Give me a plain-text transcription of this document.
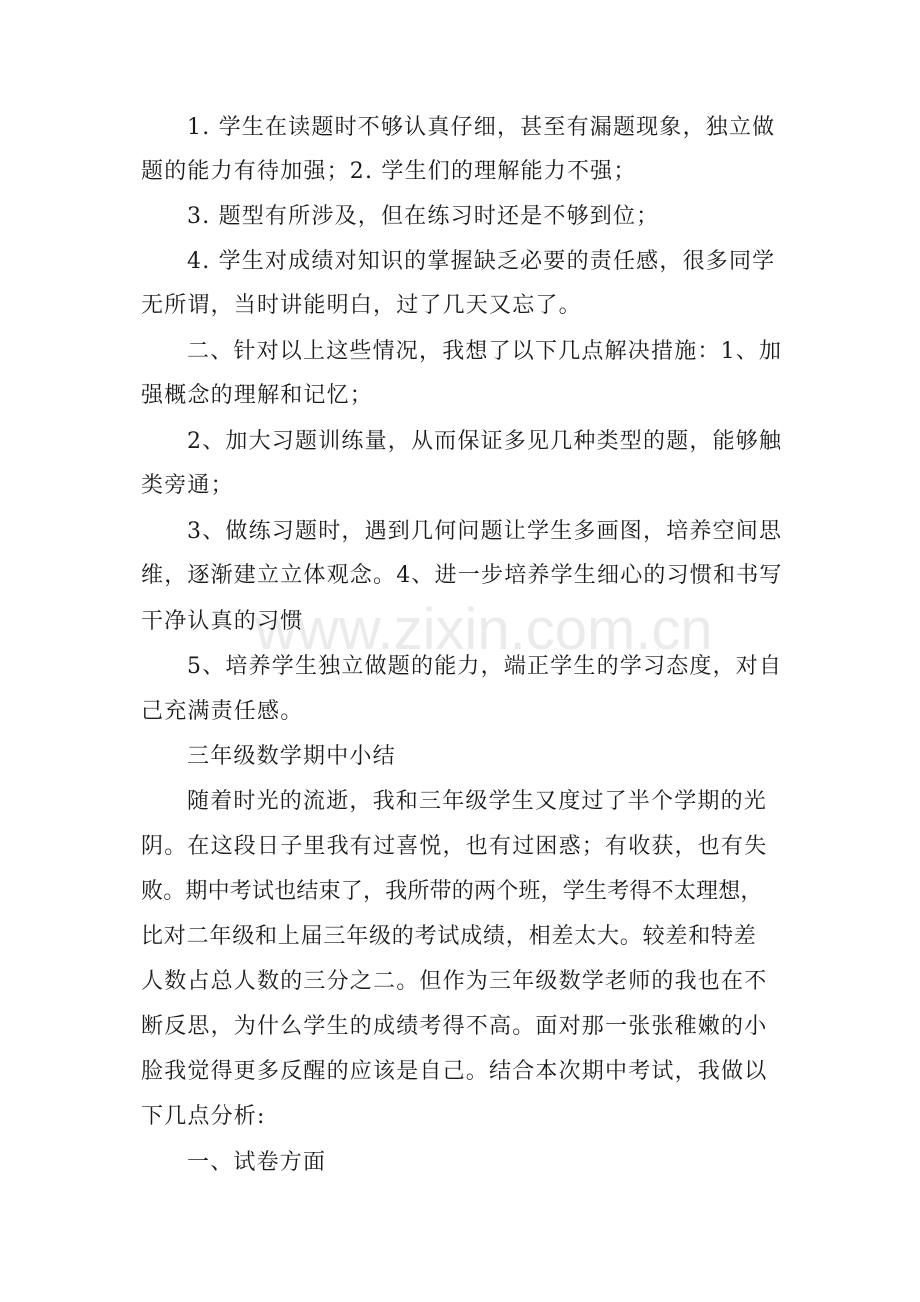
www.zixin.com.cn
1. 学生在读题时不够认真仔细，甚至有漏题现象，独立做
题的能力有待加强；2. 学生们的理解能力不强；
3. 题型有所涉及，但在练习时还是不够到位；
4. 学生对成绩对知识的掌握缺乏必要的责任感，很多同学
无所谓，当时讲能明白，过了几天又忘了。
二、针对以上这些情况，我想了以下几点解决措施：1、加
强概念的理解和记忆；
2、加大习题训练量，从而保证多见几种类型的题，能够触
类旁通；
3、做练习题时，遇到几何问题让学生多画图，培养空间思
维，逐渐建立立体观念。4、进一步培养学生细心的习惯和书写
干净认真的习惯
5、培养学生独立做题的能力，端正学生的学习态度，对自
己充满责任感。
三年级数学期中小结
随着时光的流逝，我和三年级学生又度过了半个学期的光
阴。在这段日子里我有过喜悦，也有过困惑；有收获，也有失
败。期中考试也结束了，我所带的两个班，学生考得不太理想，
比对二年级和上届三年级的考试成绩，相差太大。较差和特差
人数占总人数的三分之二。但作为三年级数学老师的我也在不
断反思，为什么学生的成绩考得不高。面对那一张张稚嫩的小
脸我觉得更多反醒的应该是自己。结合本次期中考试，我做以
下几点分析:
一、试卷方面
